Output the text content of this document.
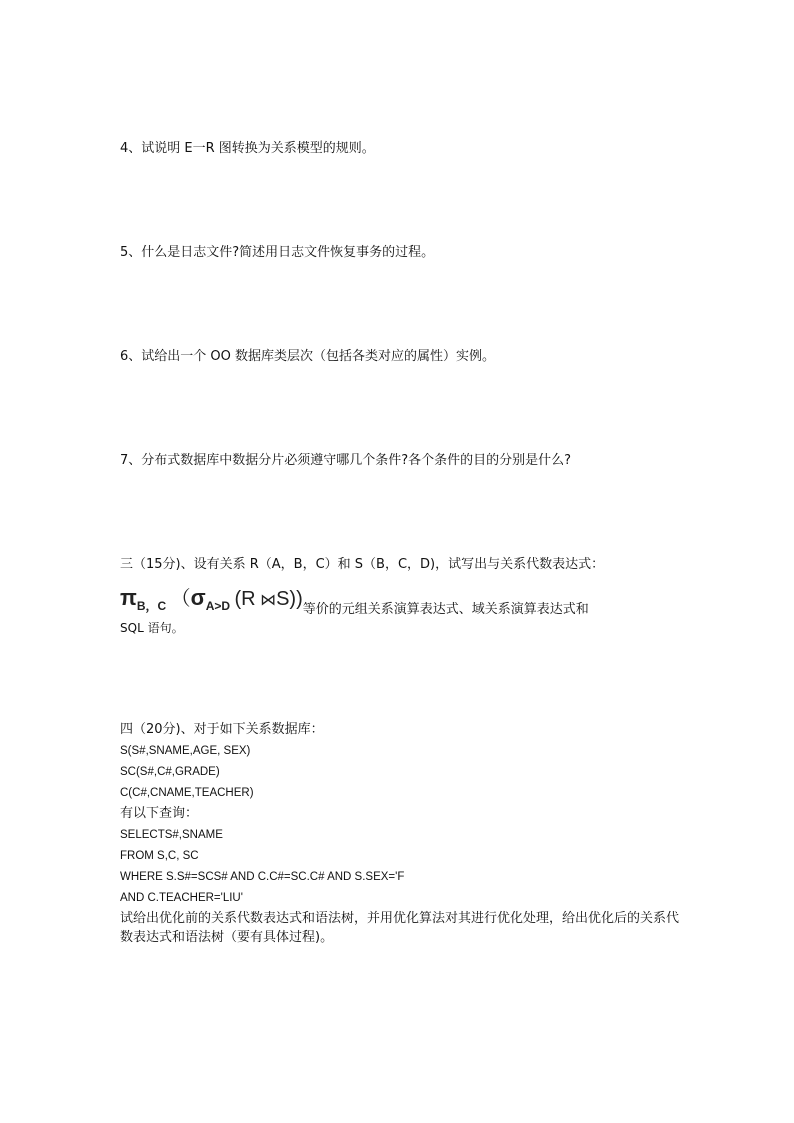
4、试说明 E一R 图转换为关系模型的规则。
5、什么是日志文件?简述用日志文件恢复事务的过程。
6、试给出一个 OO 数据库类层次（包括各类对应的属性）实例。
7、分布式数据库中数据分片必须遵守哪几个条件?各个条件的目的分别是什么?
三（15分)、设有关系 R（A，B，C）和 S（B，C，D)，试写出与关系代数表达式：
$\pi_{B,C}$ （$\sigma_{A>D}$ (R ⋈S))等价的元组关系演算表达式、域关系演算表达式和
SQL 语句。
四（20分)、对于如下关系数据库：
S(S#,SNAME,AGE, SEX)
SC(S#,C#,GRADE)
C(C#,CNAME,TEACHER)
有以下查询：
SELECTS#,SNAME
FROM S,C, SC
WHERE S.S#=SCS# AND C.C#=SC.C# AND S.SEX='F
AND C.TEACHER='LIU'
试给出优化前的关系代数表达式和语法树，并用优化算法对其进行优化处理，给出优化后的关系代数表达式和语法树（要有具体过程)。
